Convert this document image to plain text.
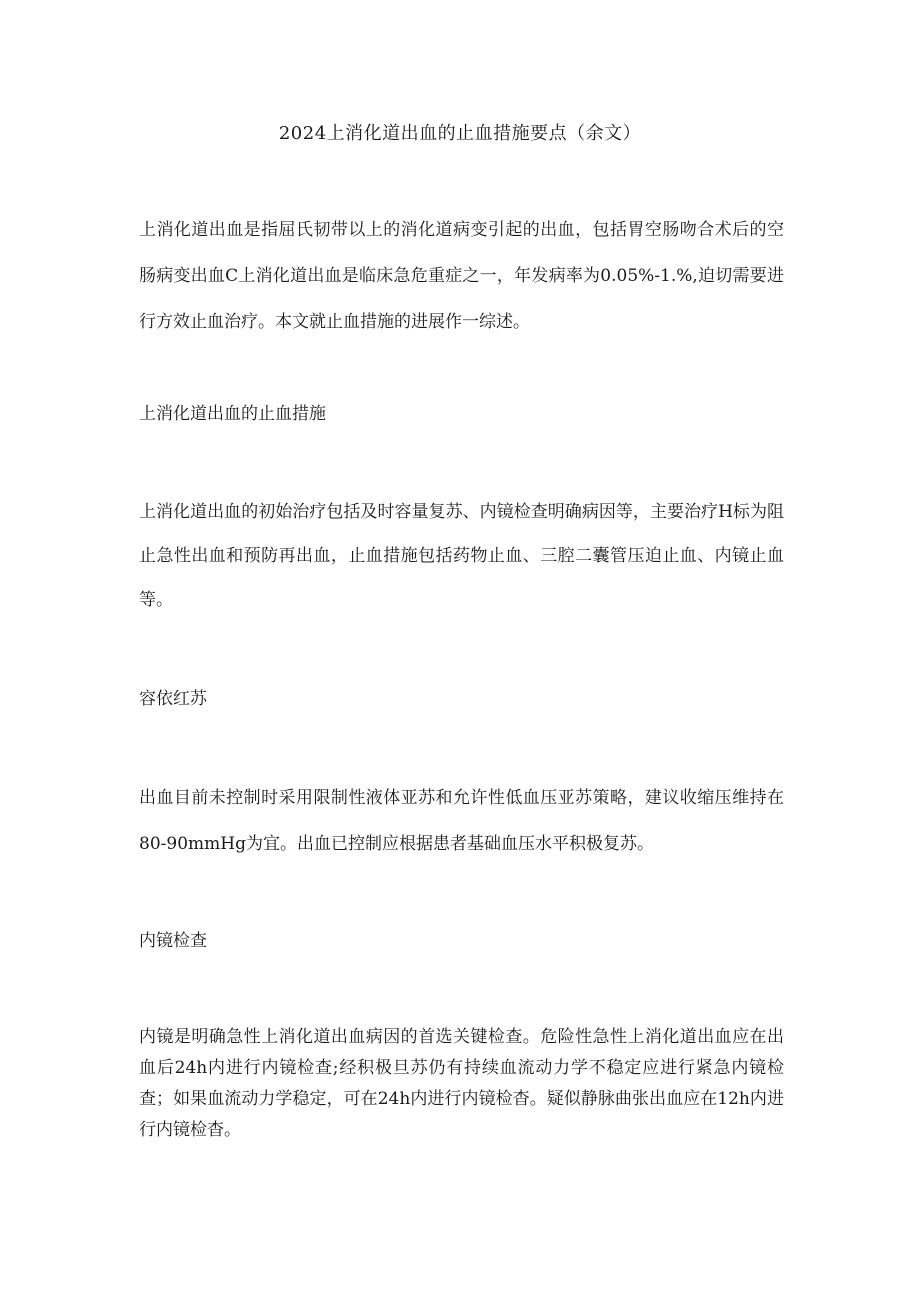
2024上消化道出血的止血措施要点（余文）
上消化道出血是指屈氏韧带以上的消化道病变引起的出血，包括胃空肠吻合术后的空肠病变出血C上消化道出血是临床急危重症之一，年发病率为0.05%-1.%,迫切需要进行方效止血治疗。本文就止血措施的进展作一综述。
上消化道出血的止血措施
上消化道出血的初始治疗包括及时容量复苏、内镜检查明确病因等，主要治疗H标为阻止急性出血和预防再出血，止血措施包括药物止血、三腔二囊管压迫止血、内镜止血等。
容依红苏
出血目前未控制时采用限制性液体亚苏和允许性低血压亚苏策略，建议收缩压维持在80-90mmHg为宜。出血已控制应根据患者基础血压水平积极复苏。
内镜检查
内镜是明确急性上消化道出血病因的首选关键检查。危险性急性上消化道出血应在出血后24h内进行内镜检查;经积极旦苏仍有持续血流动力学不稳定应进行紧急内镜检查；如果血流动力学稳定，可在24h内进行内镜检杳。疑似静脉曲张出血应在12h内进行内镜检杳。
